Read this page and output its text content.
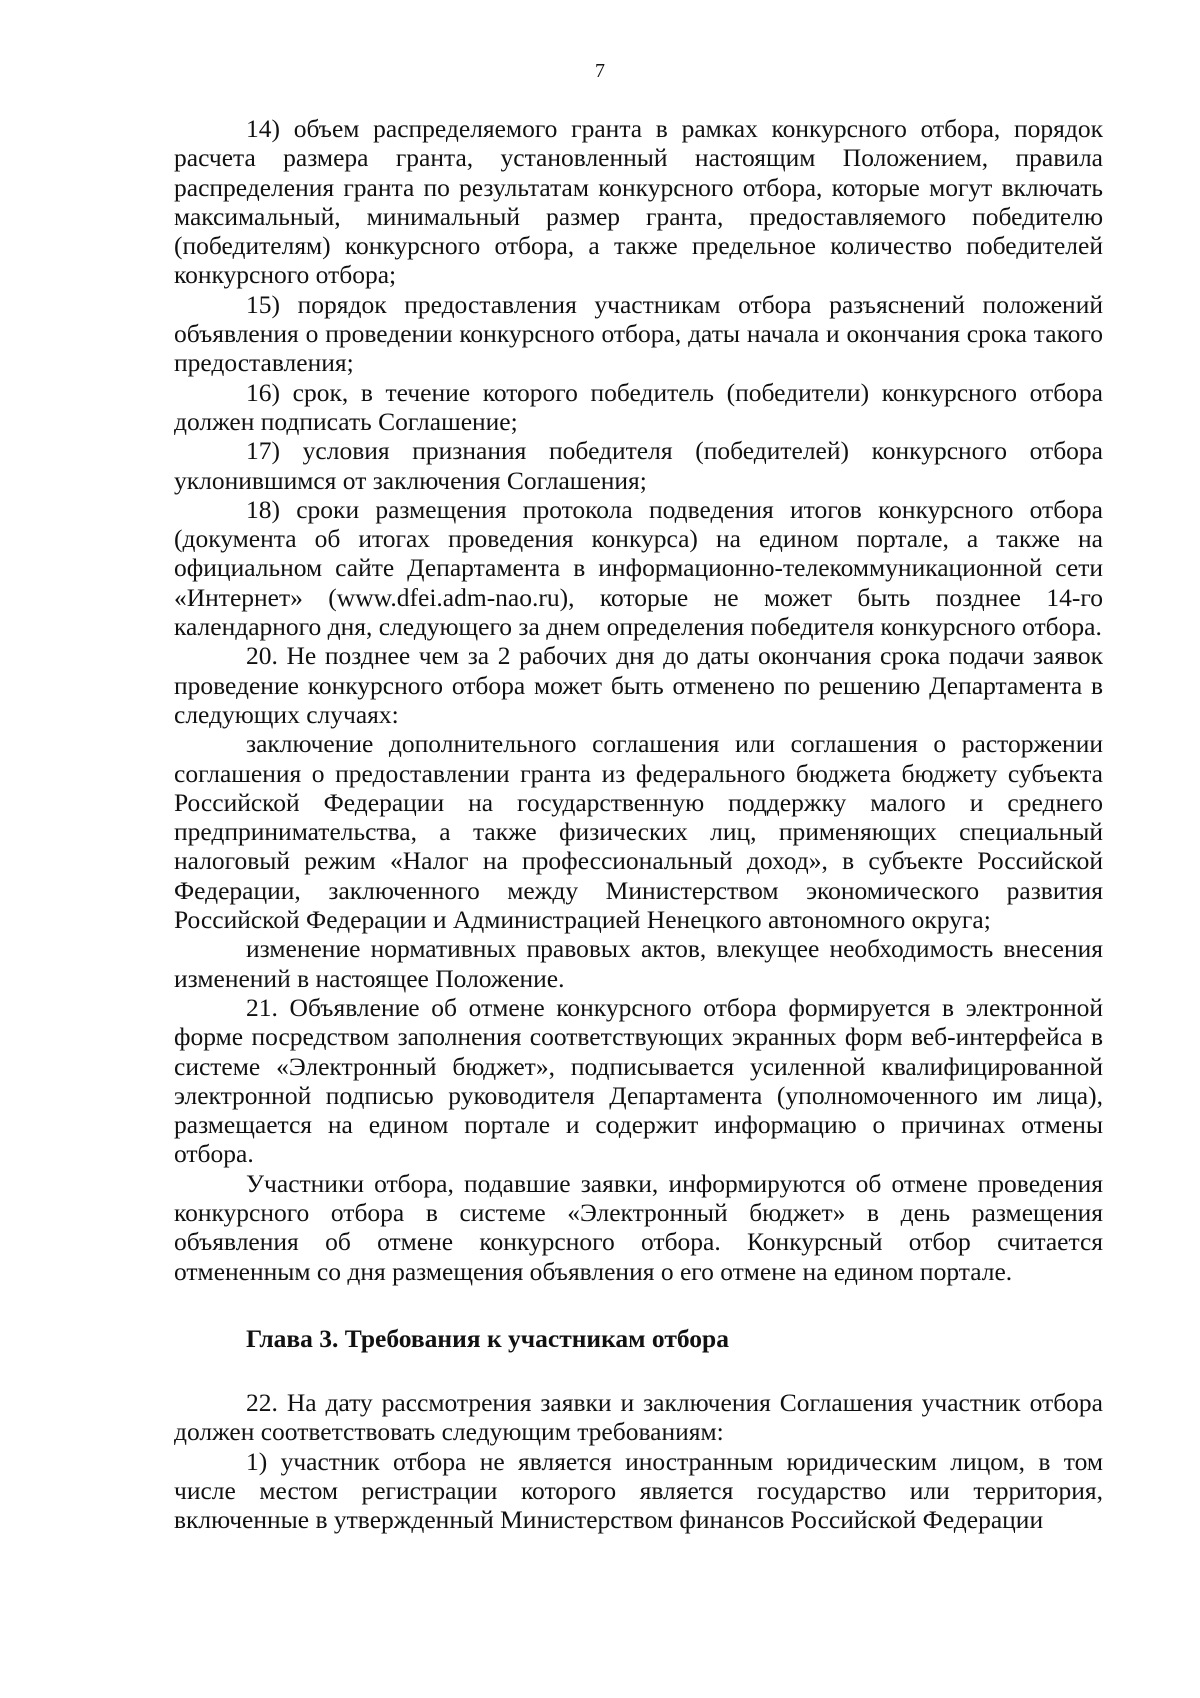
7

14) объем распределяемого гранта в рамках конкурсного отбора, порядок расчета размера гранта, установленный настоящим Положением, правила распределения гранта по результатам конкурсного отбора, которые могут включать максимальный, минимальный размер гранта, предоставляемого победителю (победителям) конкурсного отбора, а также предельное количество победителей конкурсного отбора;

15) порядок предоставления участникам отбора разъяснений положений объявления о проведении конкурсного отбора, даты начала и окончания срока такого предоставления;

16) срок, в течение которого победитель (победители) конкурсного отбора должен подписать Соглашение;

17) условия признания победителя (победителей) конкурсного отбора уклонившимся от заключения Соглашения;

18) сроки размещения протокола подведения итогов конкурсного отбора (документа об итогах проведения конкурса) на едином портале, а также на официальном сайте Департамента в информационно-телекоммуникационной сети «Интернет» (www.dfei.adm-nao.ru), которые не может быть позднее 14-го календарного дня, следующего за днем определения победителя конкурсного отбора.

20. Не позднее чем за 2 рабочих дня до даты окончания срока подачи заявок проведение конкурсного отбора может быть отменено по решению Департамента в следующих случаях:

заключение дополнительного соглашения или соглашения о расторжении соглашения о предоставлении гранта из федерального бюджета бюджету субъекта Российской Федерации на государственную поддержку малого и среднего предпринимательства, а также физических лиц, применяющих специальный налоговый режим «Налог на профессиональный доход», в субъекте Российской Федерации, заключенного между Министерством экономического развития Российской Федерации и Администрацией Ненецкого автономного округа;

изменение нормативных правовых актов, влекущее необходимость внесения изменений в настоящее Положение.

21. Объявление об отмене конкурсного отбора формируется в электронной форме посредством заполнения соответствующих экранных форм веб-интерфейса в системе «Электронный бюджет», подписывается усиленной квалифицированной электронной подписью руководителя Департамента (уполномоченного им лица), размещается на едином портале и содержит информацию о причинах отмены отбора.

Участники отбора, подавшие заявки, информируются об отмене проведения конкурсного отбора в системе «Электронный бюджет» в день размещения объявления об отмене конкурсного отбора. Конкурсный отбор считается отмененным со дня размещения объявления о его отмене на едином портале.

Глава 3. Требования к участникам отбора

22. На дату рассмотрения заявки и заключения Соглашения участник отбора должен соответствовать следующим требованиям:

1) участник отбора не является иностранным юридическим лицом, в том числе местом регистрации которого является государство или территория, включенные в утвержденный Министерством финансов Российской Федерации
